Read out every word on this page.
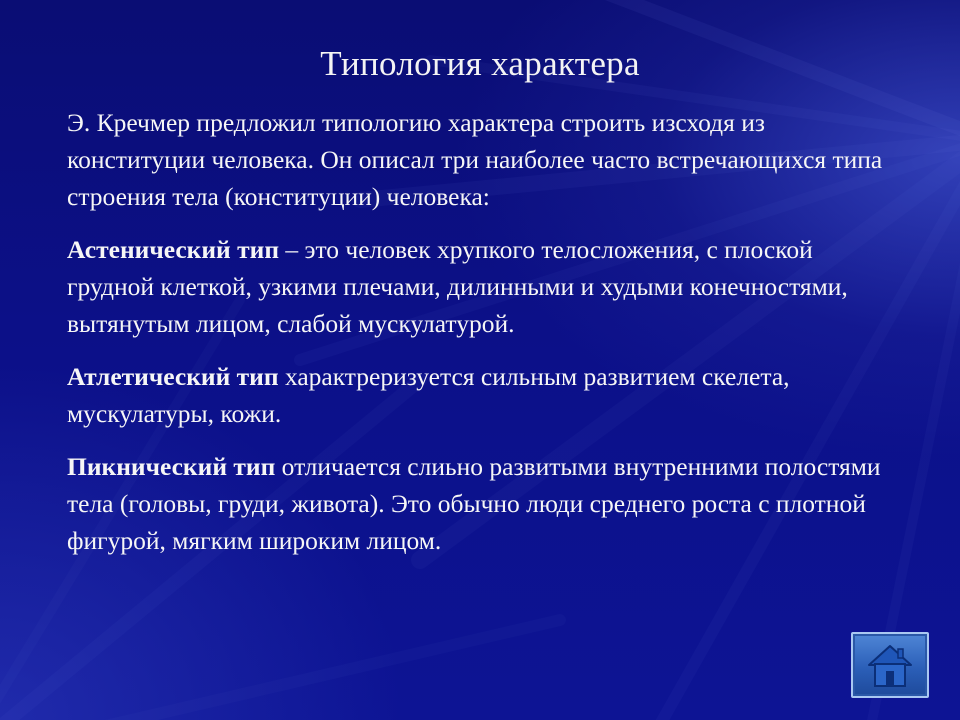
Типология характера

Э. Кречмер предложил типологию характера строить изсходя из конституции человека. Он описал три наиболее часто встречающихся типа строения тела (конституции) человека:

Астенический тип – это человек хрупкого телосложения, с плоской грудной клеткой, узкими плечами, дилинными и худыми конечностями, вытянутым лицом, слабой мускулатурой.

Атлетический тип характреризуется сильным развитием скелета, мускулатуры, кожи.

Пикнический тип отличается слиьно развитыми внутренними полостями тела (головы, груди, живота). Это обычно люди среднего роста с плотной фигурой, мягким широким лицом.
